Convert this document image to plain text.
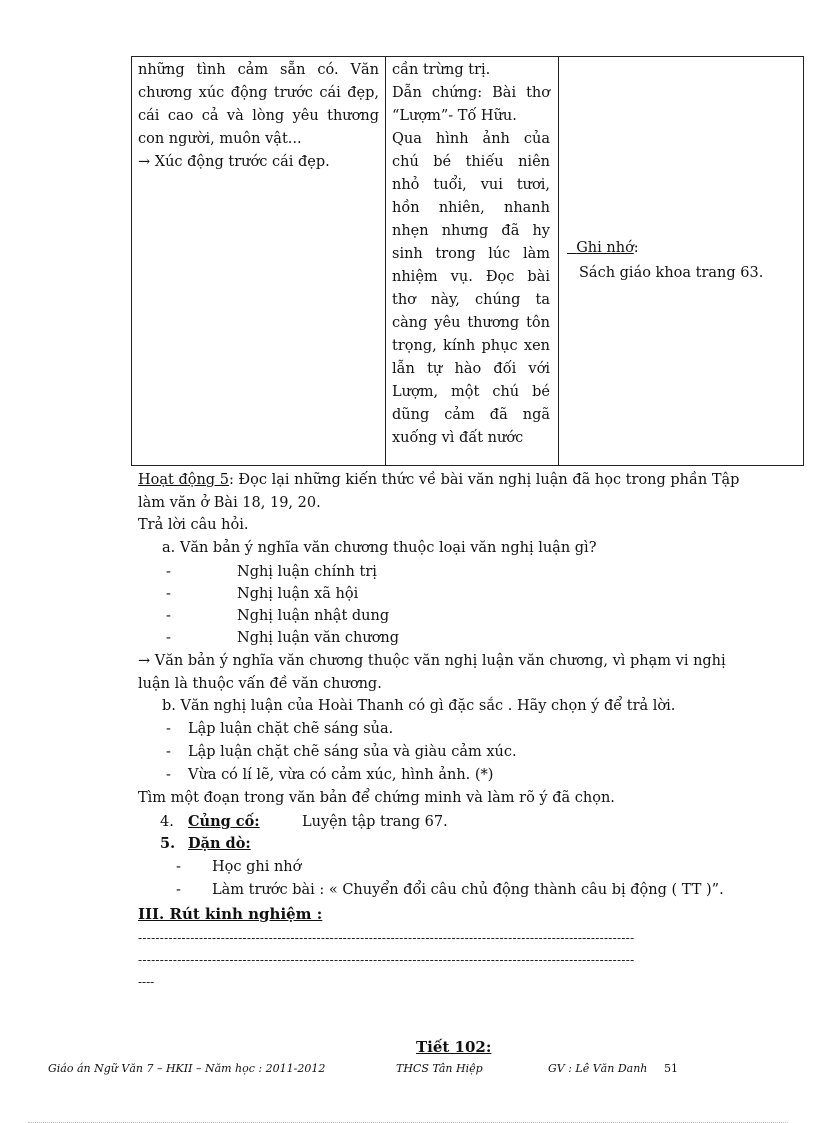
những tình cảm sẵn có. Văn chương xúc động trước cái đẹp, cái cao cả và lòng yêu thương con người, muôn vật...
→ Xúc động trước cái đẹp.

cần trừng trị.
Dẫn chứng: Bài thơ “Lượm”- Tố Hữu.
Qua hình ảnh của chú bé thiếu niên nhỏ tuổi, vui tươi, hồn nhiên, nhanh nhẹn nhưng đã hy sinh trong lúc làm nhiệm vụ. Đọc bài thơ này, chúng ta càng yêu thương tôn trọng, kính phục xen lẫn tự hào đối với Lượm, một chú bé dũng cảm đã ngã xuống vì đất nước

Ghi nhớ:
Sách giáo khoa trang 63.
Hoạt động 5: Đọc lại những kiến thức về bài văn nghị luận đã học trong phần Tập
làm văn ở Bài 18, 19, 20.
Trả lời câu hỏi.
a. Văn bản ý nghĩa văn chương thuộc loại văn nghị luận gì?
-	Nghị luận chính trị
-	Nghị luận xã hội
-	Nghị luận nhật dung
-	Nghị luận văn chương
→ Văn bản ý nghĩa văn chương thuộc văn nghị luận văn chương, vì phạm vi nghị
luận là thuộc vấn đề văn chương.
b. Văn nghị luận của Hoài Thanh có gì đặc sắc . Hãy chọn ý để trả lời.
- Lập luận chặt chẽ sáng sủa.
- Lập luận chặt chẽ sáng sủa và giàu cảm xúc.
- Vừa có lí lẽ, vừa có cảm xúc, hình ảnh. (*)
Tìm một đoạn trong văn bản để chứng minh và làm rõ ý đã chọn.
4. Củng cố:	Luyện tập trang 67.
5. Dặn dò:
- Học ghi nhớ
- Làm trước bài : « Chuyển đổi câu chủ động thành câu bị động ( TT )”.
III. Rút kinh nghiệm :
------------------------------------------------------------------------------------------------------------------
------------------------------------------------------------------------------------------------------------------
----
Tiết 102:
Giáo án Ngữ Văn 7 – HKII – Năm học : 2011-2012	THCS Tân Hiệp	GV : Lê Văn Danh 51
